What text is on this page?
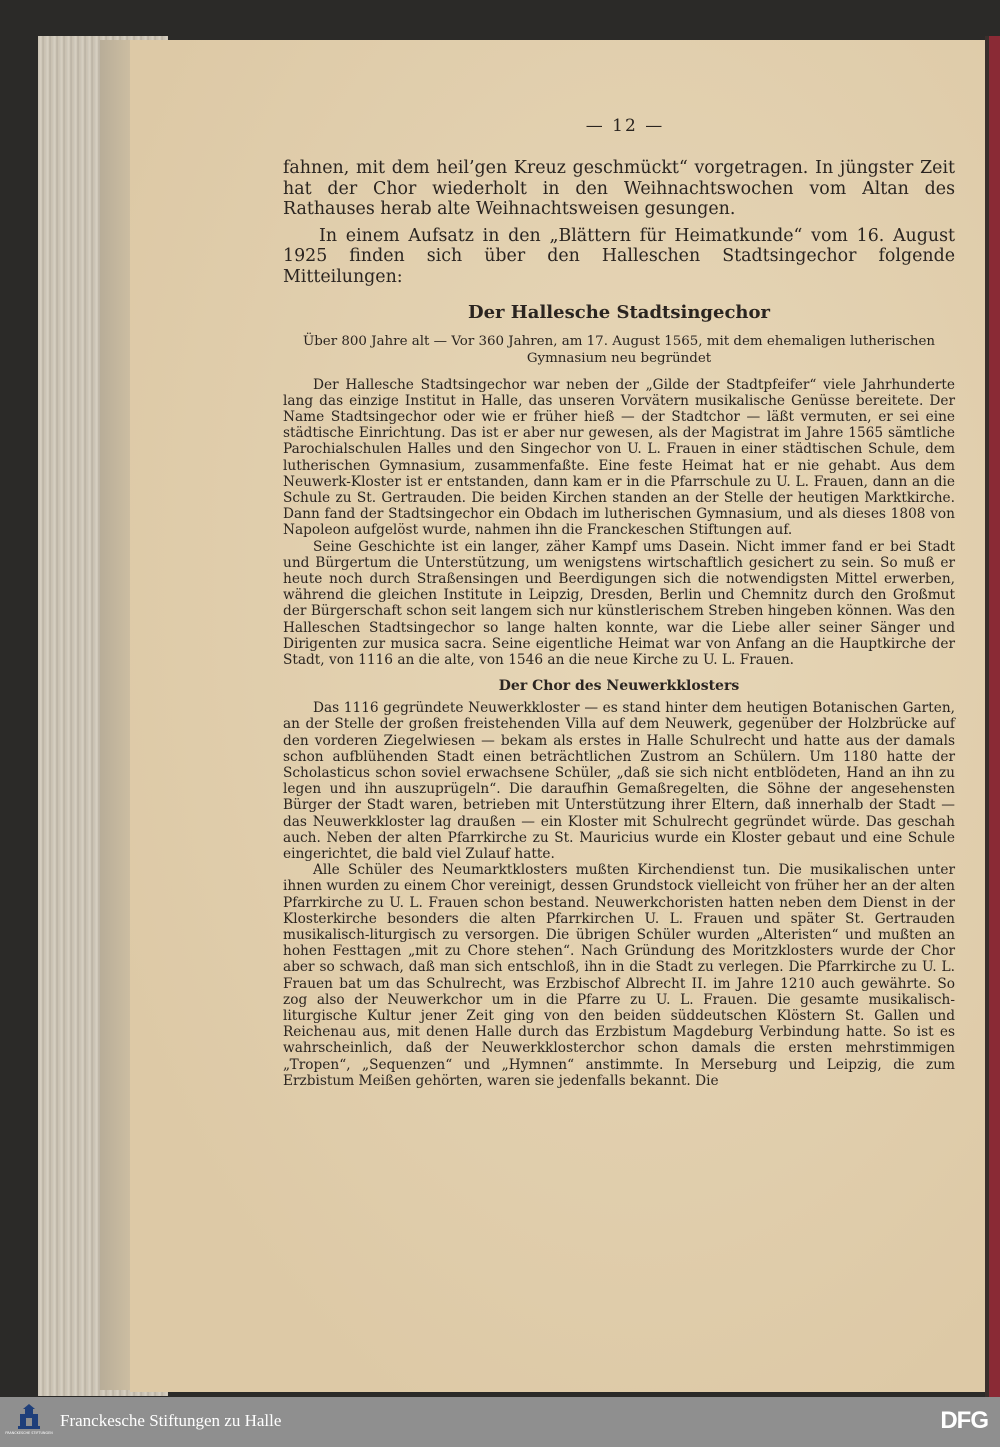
— 12 —

fahnen, mit dem heil’gen Kreuz geschmückt“ vorgetragen. In jüngster Zeit hat der Chor wiederholt in den Weihnachtswochen vom Altan des Rathauses herab alte Weihnachtsweisen gesungen.

In einem Aufsatz in den „Blättern für Heimatkunde“ vom 16. August 1925 finden sich über den Halleschen Stadtsingechor folgende Mitteilungen:

Der Hallesche Stadtsingechor
Über 800 Jahre alt — Vor 360 Jahren, am 17. August 1565, mit dem ehemaligen lutherischen Gymnasium neu begründet

Der Hallesche Stadtsingechor war neben der „Gilde der Stadtpfeifer“ viele Jahrhunderte lang das einzige Institut in Halle, das unseren Vorvätern musikalische Genüsse bereitete. Der Name Stadtsingechor oder wie er früher hieß — der Stadtchor — läßt vermuten, er sei eine städtische Einrichtung. Das ist er aber nur gewesen, als der Magistrat im Jahre 1565 sämtliche Parochialschulen Halles und den Singechor von U. L. Frauen in einer städtischen Schule, dem lutherischen Gymnasium, zusammenfaßte. Eine feste Heimat hat er nie gehabt. Aus dem Neuwerk-Kloster ist er entstanden, dann kam er in die Pfarrschule zu U. L. Frauen, dann an die Schule zu St. Gertrauden. Die beiden Kirchen standen an der Stelle der heutigen Marktkirche. Dann fand der Stadtsingechor ein Obdach im lutherischen Gymnasium, und als dieses 1808 von Napoleon aufgelöst wurde, nahmen ihn die Franckeschen Stiftungen auf.

Seine Geschichte ist ein langer, zäher Kampf ums Dasein. Nicht immer fand er bei Stadt und Bürgertum die Unterstützung, um wenigstens wirtschaftlich gesichert zu sein. So muß er heute noch durch Straßensingen und Beerdigungen sich die notwendigsten Mittel erwerben, während die gleichen Institute in Leipzig, Dresden, Berlin und Chemnitz durch den Großmut der Bürgerschaft schon seit langem sich nur künstlerischem Streben hingeben können. Was den Halleschen Stadtsingechor so lange halten konnte, war die Liebe aller seiner Sänger und Dirigenten zur musica sacra. Seine eigentliche Heimat war von Anfang an die Hauptkirche der Stadt, von 1116 an die alte, von 1546 an die neue Kirche zu U. L. Frauen.

Der Chor des Neuwerkklosters

Das 1116 gegründete Neuwerkkloster — es stand hinter dem heutigen Botanischen Garten, an der Stelle der großen freistehenden Villa auf dem Neuwerk, gegenüber der Holzbrücke auf den vorderen Ziegelwiesen — bekam als erstes in Halle Schulrecht und hatte aus der damals schon aufblühenden Stadt einen beträchtlichen Zustrom an Schülern. Um 1180 hatte der Scholasticus schon soviel erwachsene Schüler, „daß sie sich nicht entblödeten, Hand an ihn zu legen und ihn auszuprügeln“. Die daraufhin Gemaßregelten, die Söhne der angesehensten Bürger der Stadt waren, betrieben mit Unterstützung ihrer Eltern, daß innerhalb der Stadt — das Neuwerkkloster lag draußen — ein Kloster mit Schulrecht gegründet würde. Das geschah auch. Neben der alten Pfarrkirche zu St. Mauricius wurde ein Kloster gebaut und eine Schule eingerichtet, die bald viel Zulauf hatte.

Alle Schüler des Neumarktklosters mußten Kirchendienst tun. Die musikalischen unter ihnen wurden zu einem Chor vereinigt, dessen Grundstock vielleicht von früher her an der alten Pfarrkirche zu U. L. Frauen schon bestand. Neuwerkchoristen hatten neben dem Dienst in der Klosterkirche besonders die alten Pfarrkirchen U. L. Frauen und später St. Gertrauden musikalisch-liturgisch zu versorgen. Die übrigen Schüler wurden „Alteristen“ und mußten an hohen Festtagen „mit zu Chore stehen“. Nach Gründung des Moritzklosters wurde der Chor aber so schwach, daß man sich entschloß, ihn in die Stadt zu verlegen. Die Pfarrkirche zu U. L. Frauen bat um das Schulrecht, was Erzbischof Albrecht II. im Jahre 1210 auch gewährte. So zog also der Neuwerkchor um in die Pfarre zu U. L. Frauen. Die gesamte musikalisch-liturgische Kultur jener Zeit ging von den beiden süddeutschen Klöstern St. Gallen und Reichenau aus, mit denen Halle durch das Erzbistum Magdeburg Verbindung hatte. So ist es wahrscheinlich, daß der Neuwerkklosterchor schon damals die ersten mehrstimmigen „Tropen“, „Sequenzen“ und „Hymnen“ anstimmte. In Merseburg und Leipzig, die zum Erzbistum Meißen gehörten, waren sie jedenfalls bekannt. Die

FRANCKESCHE STIFTUNGEN
Franckesche Stiftungen zu Halle	DFG
